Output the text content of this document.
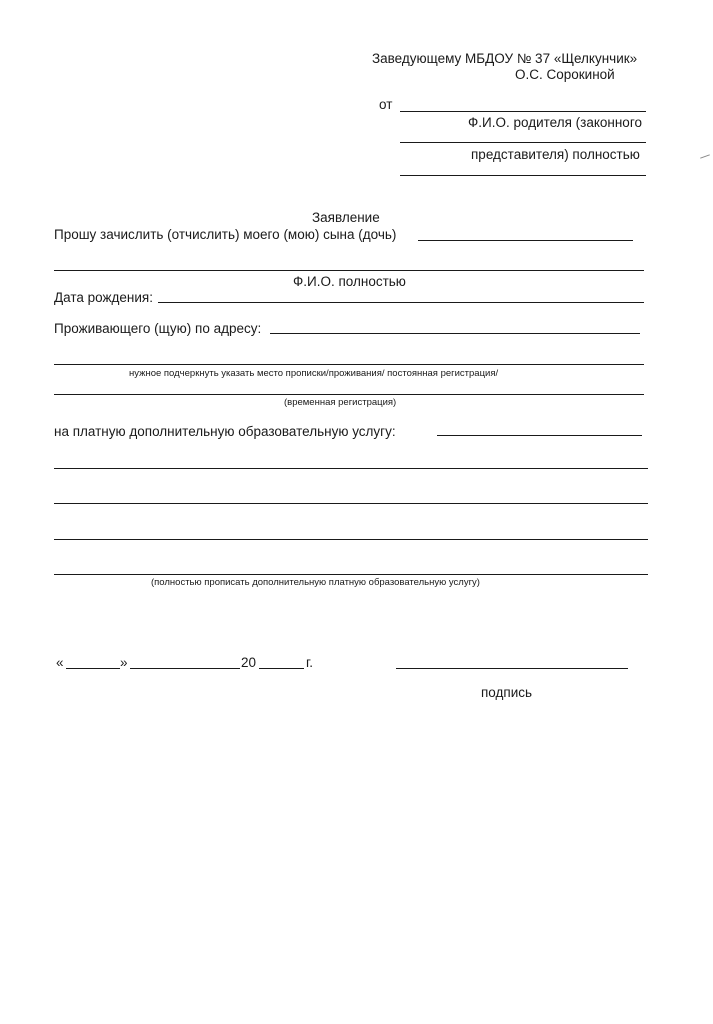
Заведующему МБДОУ № 37 «Щелкунчик»
О.С. Сорокиной
от
Ф.И.О. родителя (законного
представителя) полностью
Заявление
Прошу зачислить (отчислить) моего (мою) сына (дочь)
Ф.И.О. полностью
Дата рождения:
Проживающего (щую) по адресу:
нужное подчеркнуть указать место прописки/проживания/ постоянная регистрация/
(временная регистрация)
на платную дополнительную образовательную услугу:
(полностью прописать дополнительную платную образовательную услугу)
«	»	20	г.
подпись
